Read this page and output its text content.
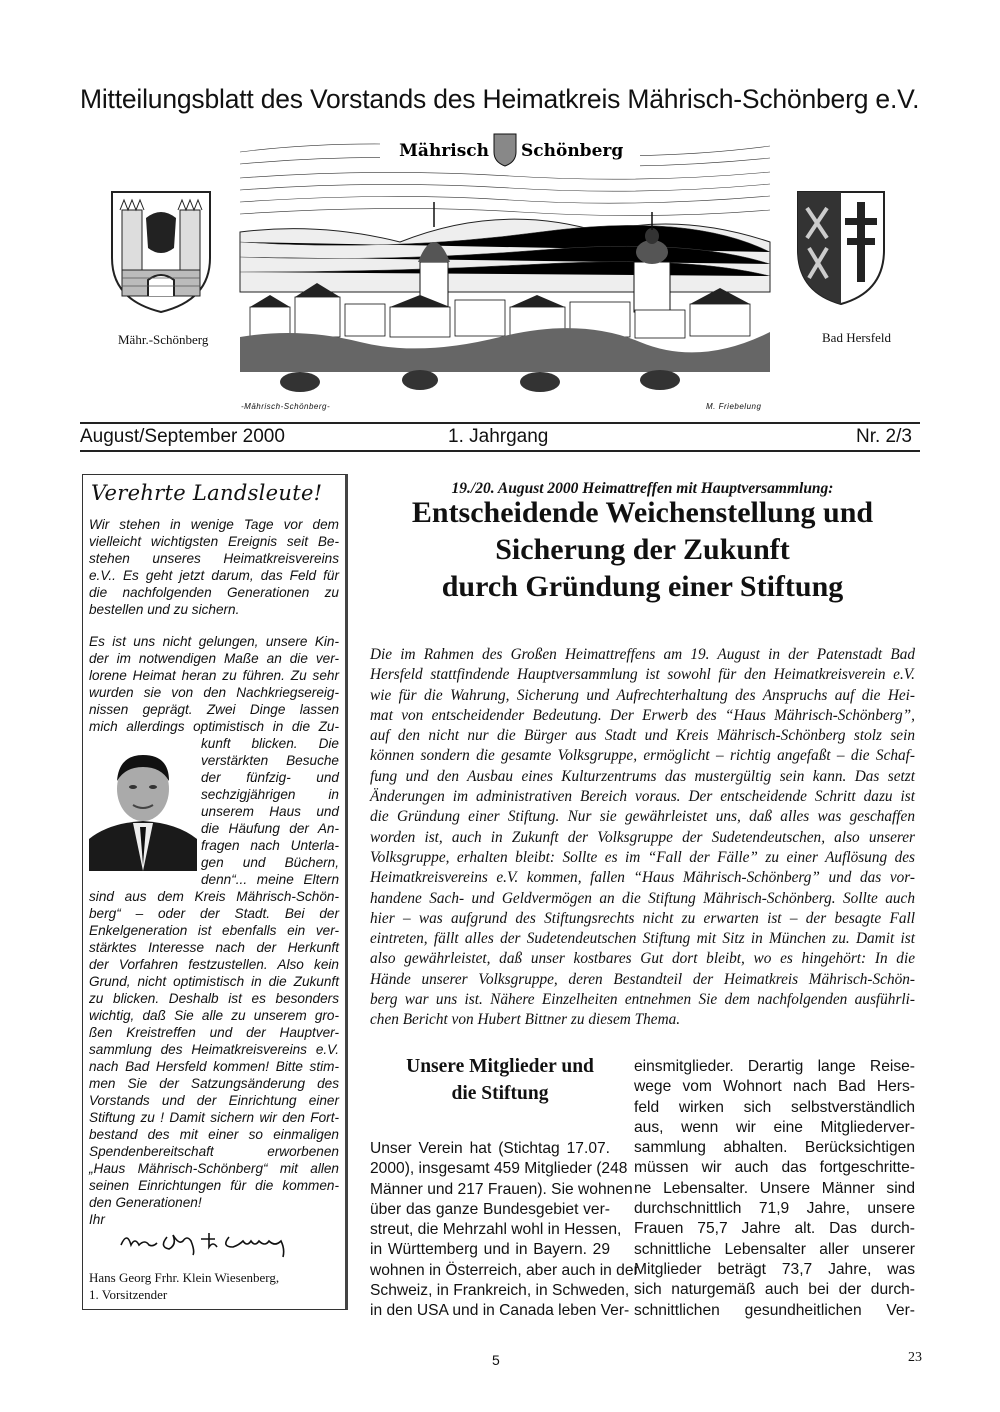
Mitteilungsblatt des Vorstands des Heimatkreis Mährisch-Schönberg e.V.
Mähr.-Schönberg
Mährisch Schönberg
-Mährisch-Schönberg-	M. Friebelung
Bad Hersfeld
August/September 2000	1. Jahrgang	Nr. 2/3
Verehrte Landsleute!
Wir stehen in wenige Tage vor dem
vielleicht wichtigsten Ereignis seit Be-
stehen unseres Heimatkreisvereins
e.V.. Es geht jetzt darum, das Feld für
die nachfolgenden Generationen zu
bestellen und zu sichern.
Es ist uns nicht gelungen, unsere Kin-
der im notwendigen Maße an die ver-
lorene Heimat heran zu führen. Zu sehr
wurden sie von den Nachkriegsereig-
nissen geprägt. Zwei Dinge lassen
mich allerdings optimistisch in die Zu-
kunft blicken. Die
verstärkten Besuche
der fünfzig- und
sechzigjährigen in
unserem Haus und
die Häufung der An-
fragen nach Unterla-
gen und Büchern,
denn“... meine Eltern
sind aus dem Kreis Mährisch-Schön-
berg“ – oder der Stadt. Bei der
Enkelgeneration ist ebenfalls ein ver-
stärktes Interesse nach der Herkunft
der Vorfahren festzustellen. Also kein
Grund, nicht optimistisch in die Zukunft
zu blicken. Deshalb ist es besonders
wichtig, daß Sie alle zu unserem gro-
ßen Kreistreffen und der Hauptver-
sammlung des Heimatkreisvereins e.V.
nach Bad Hersfeld kommen! Bitte stim-
men Sie der Satzungsänderung des
Vorstands und der Einrichtung einer
Stiftung zu ! Damit sichern wir den Fort-
bestand des mit einer so einmaligen
Spendenbereitschaft erworbenen
„Haus Mährisch-Schönberg“ mit allen
seinen Einrichtungen für die kommen-
den Generationen!
Ihr
Hans Georg Frhr. Klein Wiesenberg,
1. Vorsitzender
19./20. August 2000 Heimattreffen mit Hauptversammlung:
Entscheidende Weichenstellung und
Sicherung der Zukunft
durch Gründung einer Stiftung
Die im Rahmen des Großen Heimattreffens am 19. August in der Patenstadt Bad
Hersfeld stattfindende Hauptversammlung ist sowohl für den Heimatkreisverein e.V.
wie für die Wahrung, Sicherung und Aufrechterhaltung des Anspruchs auf die Hei-
mat von entscheidender Bedeutung. Der Erwerb des “Haus Mährisch-Schönberg”,
auf den nicht nur die Bürger aus Stadt und Kreis Mährisch-Schönberg stolz sein
können sondern die gesamte Volksgruppe, ermöglicht – richtig angefaßt – die Schaf-
fung und den Ausbau eines Kulturzentrums das mustergültig sein kann. Das setzt
Änderungen im administrativen Bereich voraus. Der entscheidende Schritt dazu ist
die Gründung einer Stiftung. Nur sie gewährleistet uns, daß alles was geschaffen
worden ist, auch in Zukunft der Volksgruppe der Sudetendeutschen, also unserer
Volksgruppe, erhalten bleibt: Sollte es im “Fall der Fälle” zu einer Auflösung des
Heimatkreisvereins e.V. kommen, fallen “Haus Mährisch-Schönberg” und das vor-
handene Sach- und Geldvermögen an die Stiftung Mährisch-Schönberg. Sollte auch
hier – was aufgrund des Stiftungsrechts nicht zu erwarten ist – der besagte Fall
eintreten, fällt alles der Sudetendeutschen Stiftung mit Sitz in München zu. Damit ist
also gewährleistet, daß unser kostbares Gut dort bleibt, wo es hingehört: In die
Hände unserer Volksgruppe, deren Bestandteil der Heimatkreis Mährisch-Schön-
berg war uns ist. Nähere Einzelheiten entnehmen Sie dem nachfolgenden ausführli-
chen Bericht von Hubert Bittner zu diesem Thema.
Unsere Mitglieder und
die Stiftung
Unser Verein hat (Stichtag 17.07.
2000), insgesamt 459 Mitglieder (248
Männer und 217 Frauen). Sie wohnen
über das ganze Bundesgebiet ver-
streut, die Mehrzahl wohl in Hessen,
in Württemberg und in Bayern. 29
wohnen in Österreich, aber auch in der
Schweiz, in Frankreich, in Schweden,
in den USA und in Canada leben Ver-
einsmitglieder. Derartig lange Reise-
wege vom Wohnort nach Bad Hers-
feld wirken sich selbstverständlich
aus, wenn wir eine Mitgliederver-
sammlung abhalten. Berücksichtigen
müssen wir auch das fortgeschritte-
ne Lebensalter. Unsere Männer sind
durchschnittlich 71,9 Jahre, unsere
Frauen 75,7 Jahre alt. Das durch-
schnittliche Lebensalter aller unserer
Mitglieder beträgt 73,7 Jahre, was
sich naturgemäß auch bei der durch-
schnittlichen gesundheitlichen Ver-
5	23
